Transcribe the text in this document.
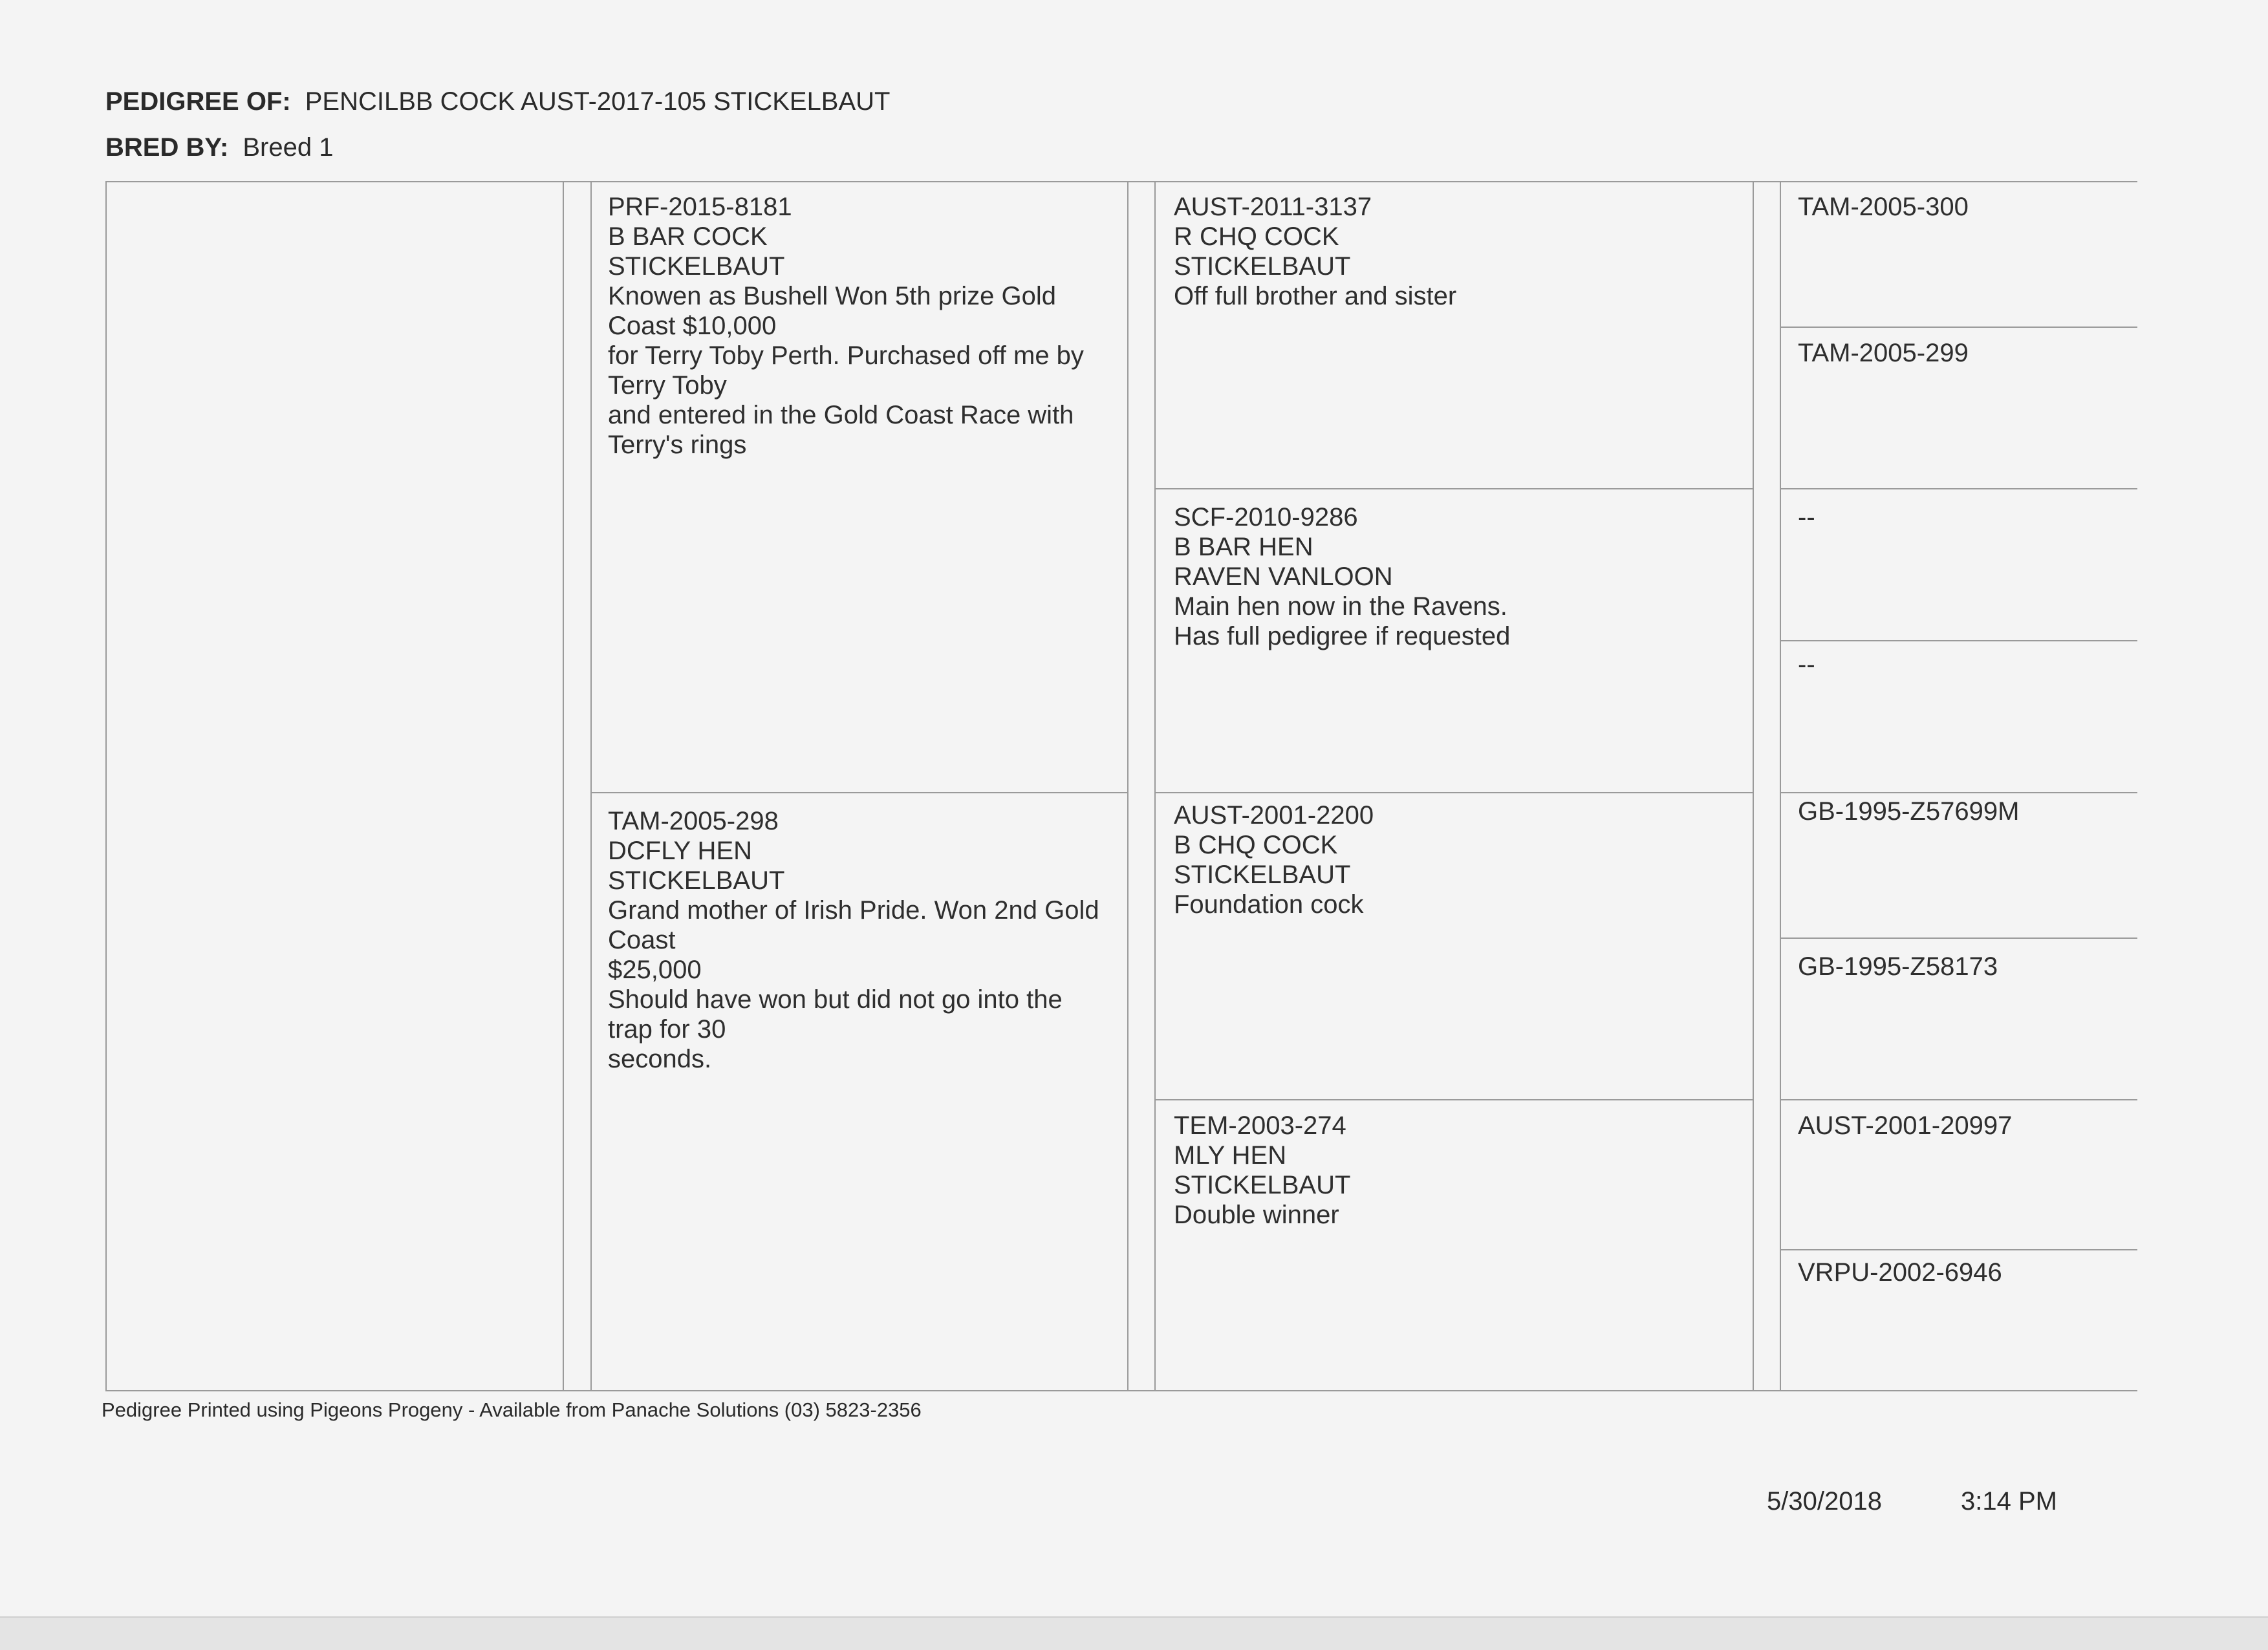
PEDIGREE OF: PENCILBB COCK AUST-2017-105 STICKELBAUT
BRED BY: Breed 1
PRF-2015-8181
B BAR COCK
STICKELBAUT
Knowen as Bushell Won 5th prize Gold Coast $10,000
for Terry Toby Perth. Purchased off me by Terry Toby
and entered in the Gold Coast Race with Terry's rings
TAM-2005-298
DCFLY HEN
STICKELBAUT
Grand mother of Irish Pride. Won 2nd Gold Coast
$25,000
Should have won but did not go into the trap for 30
seconds.
AUST-2011-3137
R CHQ COCK
STICKELBAUT
Off full brother and sister
SCF-2010-9286
B BAR HEN
RAVEN VANLOON
Main hen now in the Ravens.
Has full pedigree if requested
AUST-2001-2200
B CHQ COCK
STICKELBAUT
Foundation cock
TEM-2003-274
MLY HEN
STICKELBAUT
Double winner
TAM-2005-300
TAM-2005-299
--
--
GB-1995-Z57699M
GB-1995-Z58173
AUST-2001-20997
VRPU-2002-6946
Pedigree Printed using Pigeons Progeny - Available from Panache Solutions (03) 5823-2356
5/30/2018	3:14 PM
